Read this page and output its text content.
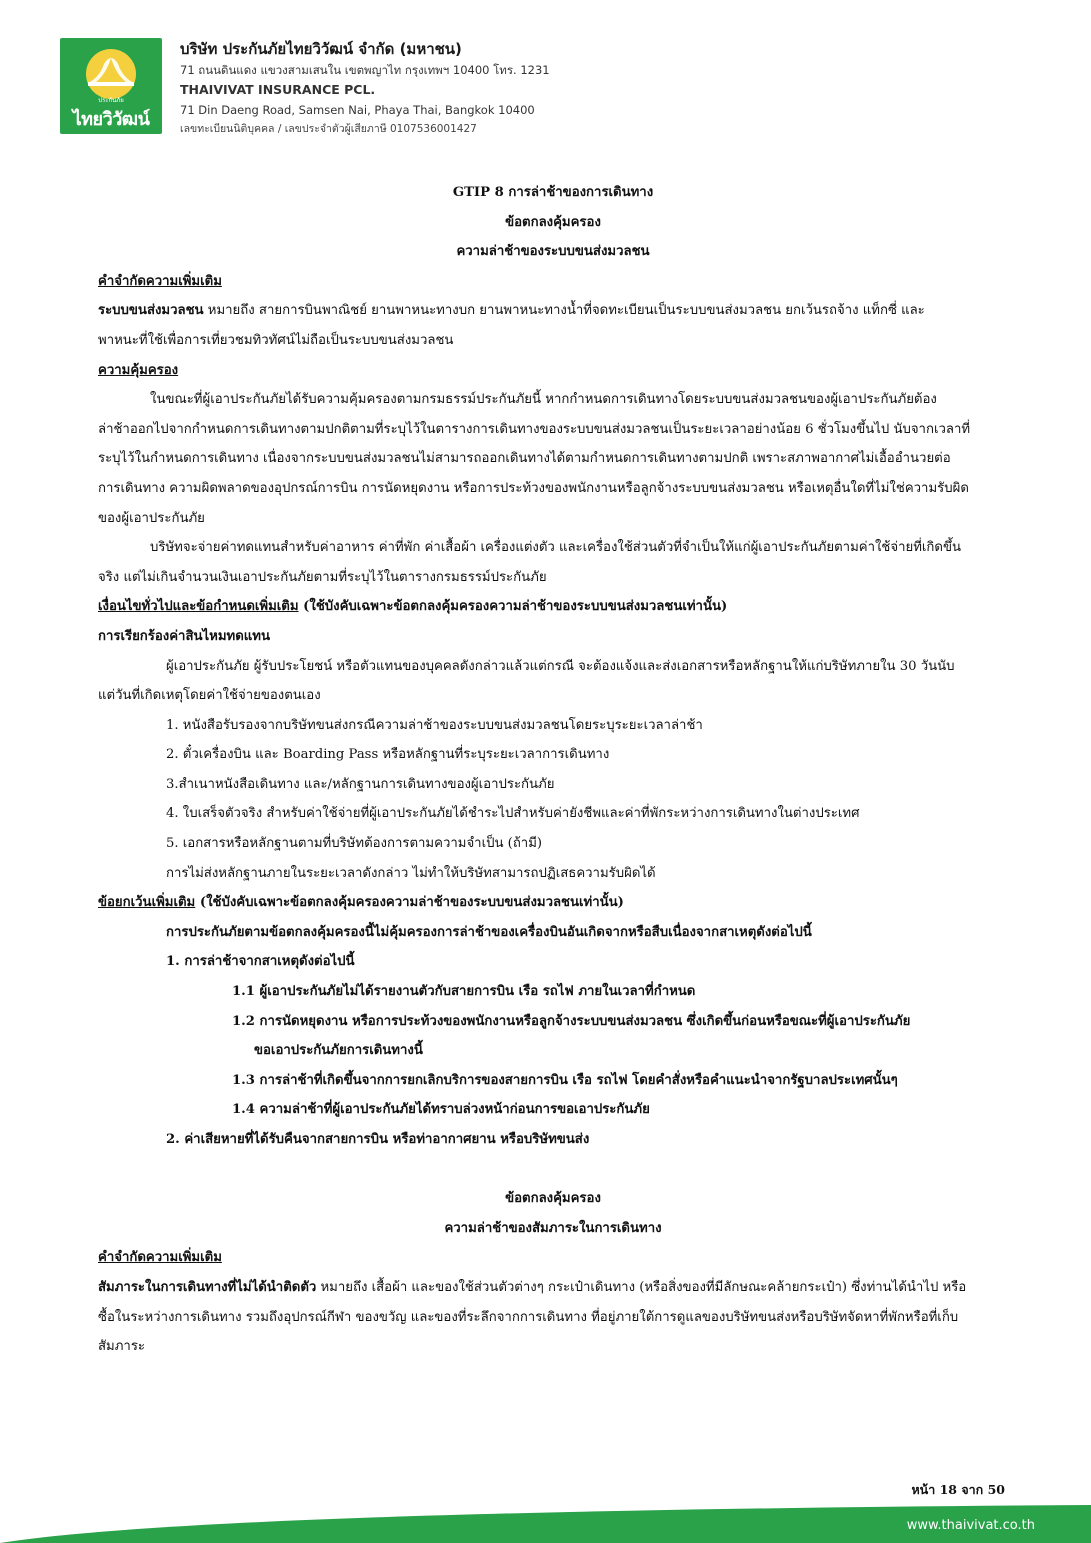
ประกันภัย
ไทยวิวัฒน์
บริษัท ประกันภัยไทยวิวัฒน์ จำกัด (มหาชน)
71 ถนนดินแดง แขวงสามเสนใน เขตพญาไท กรุงเทพฯ 10400 โทร. 1231
THAIVIVAT INSURANCE PCL.
71 Din Daeng Road, Samsen Nai, Phaya Thai, Bangkok 10400
เลขทะเบียนนิติบุคคล / เลขประจำตัวผู้เสียภาษี 0107536001427
GTIP 8 การล่าช้าของการเดินทาง
ข้อตกลงคุ้มครอง
ความล่าช้าของระบบขนส่งมวลชน
คำจำกัดความเพิ่มเติม
ระบบขนส่งมวลชน หมายถึง สายการบินพาณิชย์ ยานพาหนะทางบก ยานพาหนะทางน้ำที่จดทะเบียนเป็นระบบขนส่งมวลชน ยกเว้นรถจ้าง แท็กซี่ และ
พาหนะที่ใช้เพื่อการเที่ยวชมทิวทัศน์ไม่ถือเป็นระบบขนส่งมวลชน
ความคุ้มครอง
ในขณะที่ผู้เอาประกันภัยได้รับความคุ้มครองตามกรมธรรม์ประกันภัยนี้ หากกำหนดการเดินทางโดยระบบขนส่งมวลชนของผู้เอาประกันภัยต้อง
ล่าช้าออกไปจากกำหนดการเดินทางตามปกติตามที่ระบุไว้ในตารางการเดินทางของระบบขนส่งมวลชนเป็นระยะเวลาอย่างน้อย 6 ชั่วโมงขึ้นไป นับจากเวลาที่
ระบุไว้ในกำหนดการเดินทาง เนื่องจากระบบขนส่งมวลชนไม่สามารถออกเดินทางได้ตามกำหนดการเดินทางตามปกติ เพราะสภาพอากาศไม่เอื้ออำนวยต่อ
การเดินทาง ความผิดพลาดของอุปกรณ์การบิน การนัดหยุดงาน หรือการประท้วงของพนักงานหรือลูกจ้างระบบขนส่งมวลชน หรือเหตุอื่นใดที่ไม่ใช่ความรับผิด
ของผู้เอาประกันภัย
บริษัทจะจ่ายค่าทดแทนสำหรับค่าอาหาร ค่าที่พัก ค่าเสื้อผ้า เครื่องแต่งตัว และเครื่องใช้ส่วนตัวที่จำเป็นให้แก่ผู้เอาประกันภัยตามค่าใช้จ่ายที่เกิดขึ้น
จริง แต่ไม่เกินจำนวนเงินเอาประกันภัยตามที่ระบุไว้ในตารางกรมธรรม์ประกันภัย
เงื่อนไขทั่วไปและข้อกำหนดเพิ่มเติม (ใช้บังคับเฉพาะข้อตกลงคุ้มครองความล่าช้าของระบบขนส่งมวลชนเท่านั้น)
การเรียกร้องค่าสินไหมทดแทน
ผู้เอาประกันภัย ผู้รับประโยชน์ หรือตัวแทนของบุคคลดังกล่าวแล้วแต่กรณี จะต้องแจ้งและส่งเอกสารหรือหลักฐานให้แก่บริษัทภายใน 30 วันนับ
แต่วันที่เกิดเหตุโดยค่าใช้จ่ายของตนเอง
1. หนังสือรับรองจากบริษัทขนส่งกรณีความล่าช้าของระบบขนส่งมวลชนโดยระบุระยะเวลาล่าช้า
2. ตั๋วเครื่องบิน และ Boarding Pass หรือหลักฐานที่ระบุระยะเวลาการเดินทาง
3.สำเนาหนังสือเดินทาง และ/หลักฐานการเดินทางของผู้เอาประกันภัย
4. ใบเสร็จตัวจริง สำหรับค่าใช้จ่ายที่ผู้เอาประกันภัยได้ชำระไปสำหรับค่ายังชีพและค่าที่พักระหว่างการเดินทางในต่างประเทศ
5. เอกสารหรือหลักฐานตามที่บริษัทต้องการตามความจำเป็น (ถ้ามี)
การไม่ส่งหลักฐานภายในระยะเวลาดังกล่าว ไม่ทำให้บริษัทสามารถปฏิเสธความรับผิดได้
ข้อยกเว้นเพิ่มเติม (ใช้บังคับเฉพาะข้อตกลงคุ้มครองความล่าช้าของระบบขนส่งมวลชนเท่านั้น)
การประกันภัยตามข้อตกลงคุ้มครองนี้ไม่คุ้มครองการล่าช้าของเครื่องบินอันเกิดจากหรือสืบเนื่องจากสาเหตุดังต่อไปนี้
1. การล่าช้าจากสาเหตุดังต่อไปนี้
1.1 ผู้เอาประกันภัยไม่ได้รายงานตัวกับสายการบิน เรือ รถไฟ ภายในเวลาที่กำหนด
1.2 การนัดหยุดงาน หรือการประท้วงของพนักงานหรือลูกจ้างระบบขนส่งมวลชน ซึ่งเกิดขึ้นก่อนหรือขณะที่ผู้เอาประกันภัย
ขอเอาประกันภัยการเดินทางนี้
1.3 การล่าช้าที่เกิดขึ้นจากการยกเลิกบริการของสายการบิน เรือ รถไฟ โดยคำสั่งหรือคำแนะนำจากรัฐบาลประเทศนั้นๆ
1.4 ความล่าช้าที่ผู้เอาประกันภัยได้ทราบล่วงหน้าก่อนการขอเอาประกันภัย
2. ค่าเสียหายที่ได้รับคืนจากสายการบิน หรือท่าอากาศยาน หรือบริษัทขนส่ง
ข้อตกลงคุ้มครอง
ความล่าช้าของสัมภาระในการเดินทาง
คำจำกัดความเพิ่มเติม
สัมภาระในการเดินทางที่ไม่ได้นำติดตัว หมายถึง เสื้อผ้า และของใช้ส่วนตัวต่างๆ กระเป๋าเดินทาง (หรือสิ่งของที่มีลักษณะคล้ายกระเป๋า) ซึ่งท่านได้นำไป หรือ
ซื้อในระหว่างการเดินทาง รวมถึงอุปกรณ์กีฬา ของขวัญ และของที่ระลึกจากการเดินทาง ที่อยู่ภายใต้การดูแลของบริษัทขนส่งหรือบริษัทจัดหาที่พักหรือที่เก็บ
สัมภาระ
หน้า 18 จาก 50
www.thaivivat.co.th
